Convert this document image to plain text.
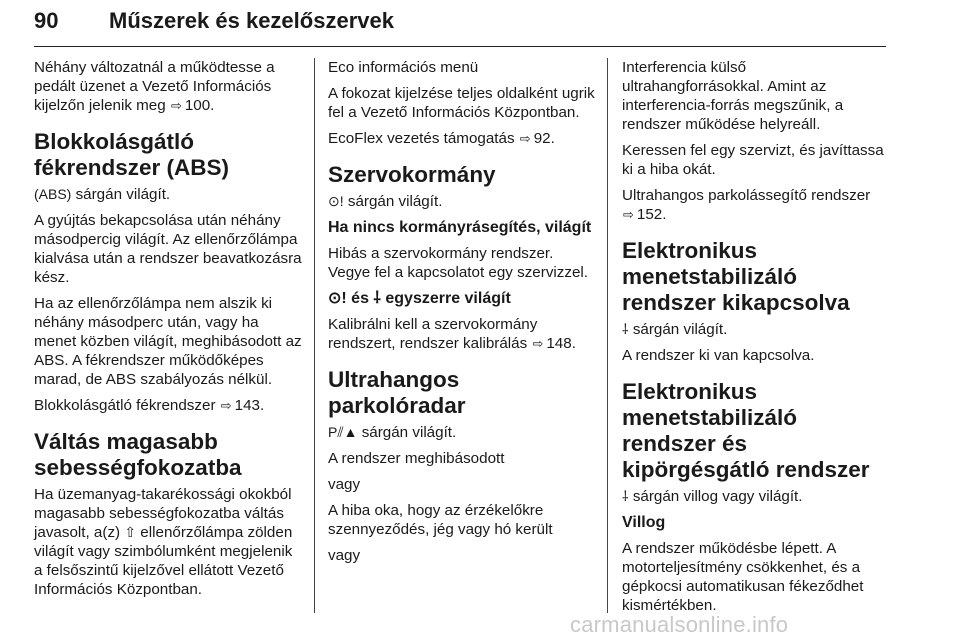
90 Műszerek és kezelőszervek

Néhány változatnál a működtesse a pedált üzenet a Vezető Információs kijelzőn jelenik meg ⇨ 100.

Blokkolásgátló fékrendszer (ABS)

(ABS) sárgán világít.

A gyújtás bekapcsolása után néhány másodpercig világít. Az ellenőrzőlámpa kialvása után a rendszer beavatkozásra kész.

Ha az ellenőrzőlámpa nem alszik ki néhány másodperc után, vagy ha menet közben világít, meghibásodott az ABS. A fékrendszer működőképes marad, de ABS szabályozás nélkül.

Blokkolásgátló fékrendszer ⇨ 143.

Váltás magasabb sebességfokozatba

Ha üzemanyag-takarékossági okokból magasabb sebességfokozatba váltás javasolt, a(z) ⇧ ellenőrzőlámpa zölden világít vagy szimbólumként megjelenik a felsőszintű kijelzővel ellátott Vezető Információs Központban.

Eco információs menü

A fokozat kijelzése teljes oldalként ugrik fel a Vezető Információs Központban.

EcoFlex vezetés támogatás ⇨ 92.

Szervokormány

⊙! sárgán világít.

Ha nincs kormányrásegítés, világít

Hibás a szervokormány rendszer. Vegye fel a kapcsolatot egy szervizzel.

⊙! és ⸸ egyszerre világít

Kalibrálni kell a szervokormány rendszert, rendszer kalibrálás ⇨ 148.

Ultrahangos parkolóradar

P⫽▲ sárgán világít.

A rendszer meghibásodott

vagy

A hiba oka, hogy az érzékelőkre szennyeződés, jég vagy hó került

vagy

Interferencia külső ultrahangforrásokkal. Amint az interferencia-forrás megszűnik, a rendszer működése helyreáll.

Keressen fel egy szervizt, és javíttassa ki a hiba okát.

Ultrahangos parkolássegítő rendszer ⇨ 152.

Elektronikus menetstabilizáló rendszer kikapcsolva

⸸ sárgán világít.

A rendszer ki van kapcsolva.

Elektronikus menetstabilizáló rendszer és kipörgésgátló rendszer

⸸ sárgán villog vagy világít.

Villog

A rendszer működésbe lépett. A motorteljesítmény csökkenhet, és a gépkocsi automatikusan fékeződhet kismértékben.

carmanualsonline.info
